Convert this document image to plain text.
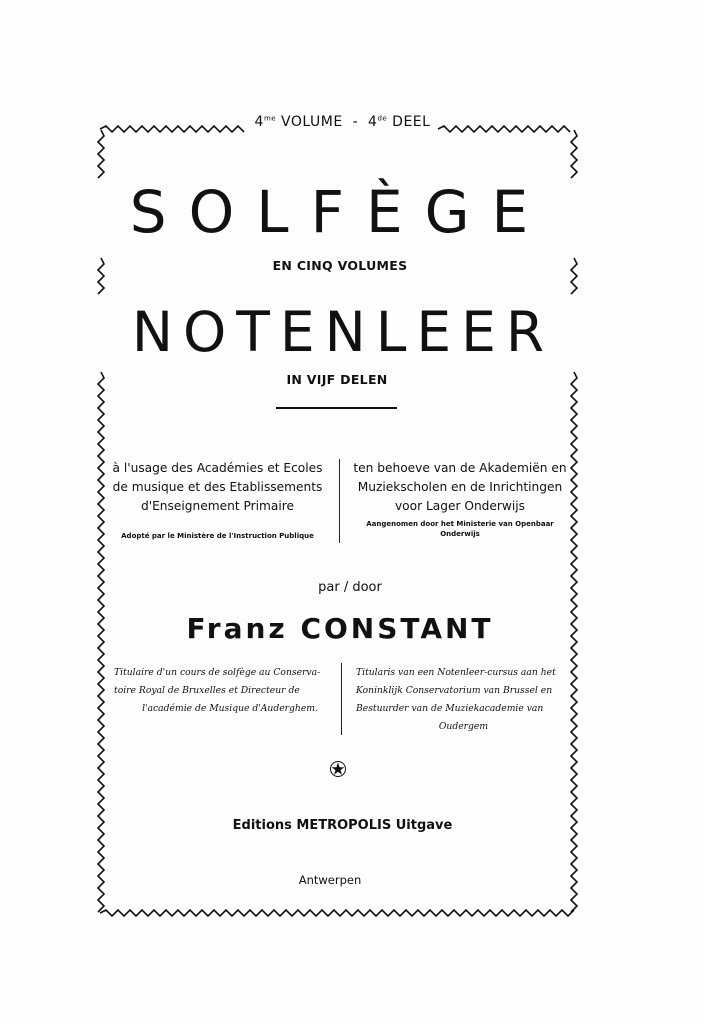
$4^{me}$ VOLUME - 4de DEEL
SOLFÈGE
EN CINQ VOLUMES
NOTENLEER
IN VIJF DELEN
à l'usage des Académies et Ecoles
de musique et des Etablissements
d'Enseignement Primaire
Adopté par le Ministère de l'Instruction Publique
ten behoeve van de Akademiën en
Muziekscholen en de Inrichtingen
voor Lager Onderwijs
Aangenomen door het Ministerie van Openbaar
Onderwijs
par / door
Franz CONSTANT
Titulaire d'un cours de solfège au Conserva-
toire Royal de Bruxelles et Directeur de
l'académie de Musique d'Auderghem.
Titularis van een Notenleer-cursus aan het
Koninklijk Conservatorium van Brussel en
Bestuurder van de Muziekacademie van
Oudergem
Editions METROPOLIS Uitgave
Antwerpen
